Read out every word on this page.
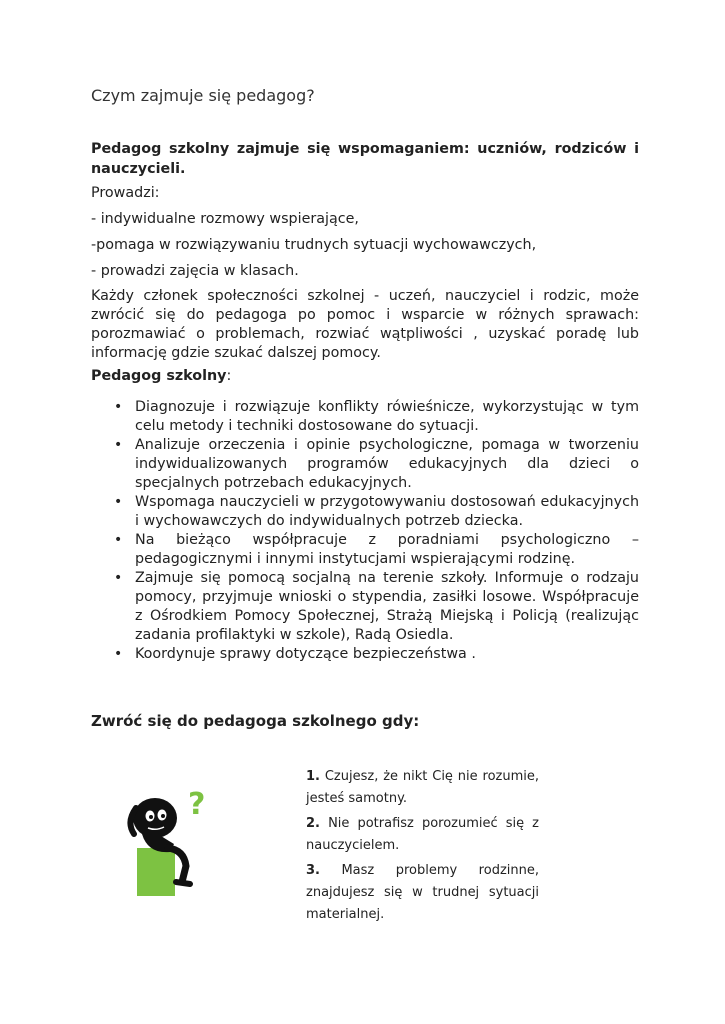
Czym zajmuje się pedagog?

Pedagog szkolny zajmuje się wspomaganiem: uczniów, rodziców i nauczycieli.

Prowadzi:

- indywidualne rozmowy wspierające,

-pomaga w rozwiązywaniu trudnych sytuacji wychowawczych,

- prowadzi zajęcia w klasach.

Każdy członek społeczności szkolnej - uczeń, nauczyciel i rodzic, może zwrócić się do pedagoga po pomoc i wsparcie w różnych sprawach: porozmawiać o problemach, rozwiać wątpliwości , uzyskać poradę lub informację gdzie szukać dalszej pomocy.

Pedagog szkolny:

• Diagnozuje i rozwiązuje konflikty rówieśnicze, wykorzystując w tym celu metody i techniki dostosowane do sytuacji.
• Analizuje orzeczenia i opinie psychologiczne, pomaga w tworzeniu indywidualizowanych programów edukacyjnych dla dzieci o specjalnych potrzebach edukacyjnych.
• Wspomaga nauczycieli w przygotowywaniu dostosowań edukacyjnych i wychowawczych do indywidualnych potrzeb dziecka.
• Na bieżąco współpracuje z poradniami psychologiczno – pedagogicznymi i innymi instytucjami wspierającymi rodzinę.
• Zajmuje się pomocą socjalną na terenie szkoły. Informuje o rodzaju pomocy, przyjmuje wnioski o stypendia, zasiłki losowe. Współpracuje z Ośrodkiem Pomocy Społecznej, Strażą Miejską i Policją (realizując zadania profilaktyki w szkole), Radą Osiedla.
• Koordynuje sprawy dotyczące bezpieczeństwa .
Zwróć się do pedagoga szkolnego gdy:
?

1. Czujesz, że nikt Cię nie rozumie, jesteś samotny.

2. Nie potrafisz porozumieć się z nauczycielem.

3. Masz problemy rodzinne, znajdujesz się w trudnej sytuacji materialnej.
